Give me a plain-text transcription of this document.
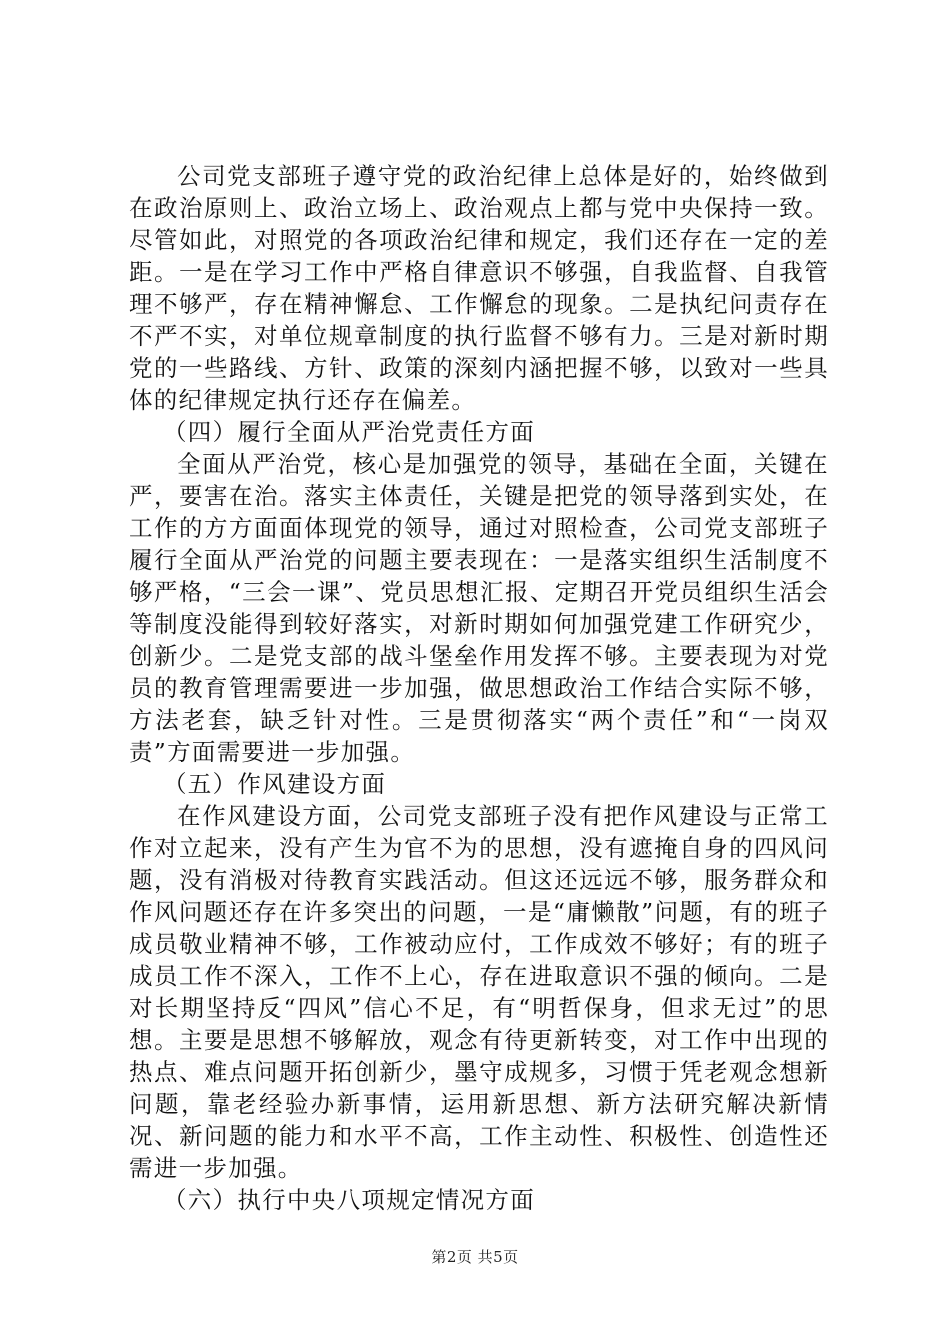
公司党支部班子遵守党的政治纪律上总体是好的，始终做到在政治原则上、政治立场上、政治观点上都与党中央保持一致。尽管如此，对照党的各项政治纪律和规定，我们还存在一定的差距。一是在学习工作中严格自律意识不够强，自我监督、自我管理不够严，存在精神懈怠、工作懈怠的现象。二是执纪问责存在不严不实，对单位规章制度的执行监督不够有力。三是对新时期党的一些路线、方针、政策的深刻内涵把握不够，以致对一些具体的纪律规定执行还存在偏差。

（四）履行全面从严治党责任方面

全面从严治党，核心是加强党的领导，基础在全面，关键在严，要害在治。落实主体责任，关键是把党的领导落到实处，在工作的方方面面体现党的领导，通过对照检查，公司党支部班子履行全面从严治党的问题主要表现在：一是落实组织生活制度不够严格，“三会一课”、党员思想汇报、定期召开党员组织生活会等制度没能得到较好落实，对新时期如何加强党建工作研究少，创新少。二是党支部的战斗堡垒作用发挥不够。主要表现为对党员的教育管理需要进一步加强，做思想政治工作结合实际不够，方法老套，缺乏针对性。三是贯彻落实“两个责任”和“一岗双责”方面需要进一步加强。

（五）作风建设方面

在作风建设方面，公司党支部班子没有把作风建设与正常工作对立起来，没有产生为官不为的思想，没有遮掩自身的四风问题，没有消极对待教育实践活动。但这还远远不够，服务群众和作风问题还存在许多突出的问题，一是“庸懒散”问题，有的班子成员敬业精神不够，工作被动应付，工作成效不够好；有的班子成员工作不深入，工作不上心，存在进取意识不强的倾向。二是对长期坚持反“四风”信心不足，有“明哲保身，但求无过”的思想。主要是思想不够解放，观念有待更新转变，对工作中出现的热点、难点问题开拓创新少，墨守成规多，习惯于凭老观念想新问题，靠老经验办新事情，运用新思想、新方法研究解决新情况、新问题的能力和水平不高，工作主动性、积极性、创造性还需进一步加强。

（六）执行中央八项规定情况方面

第2页 共5页
